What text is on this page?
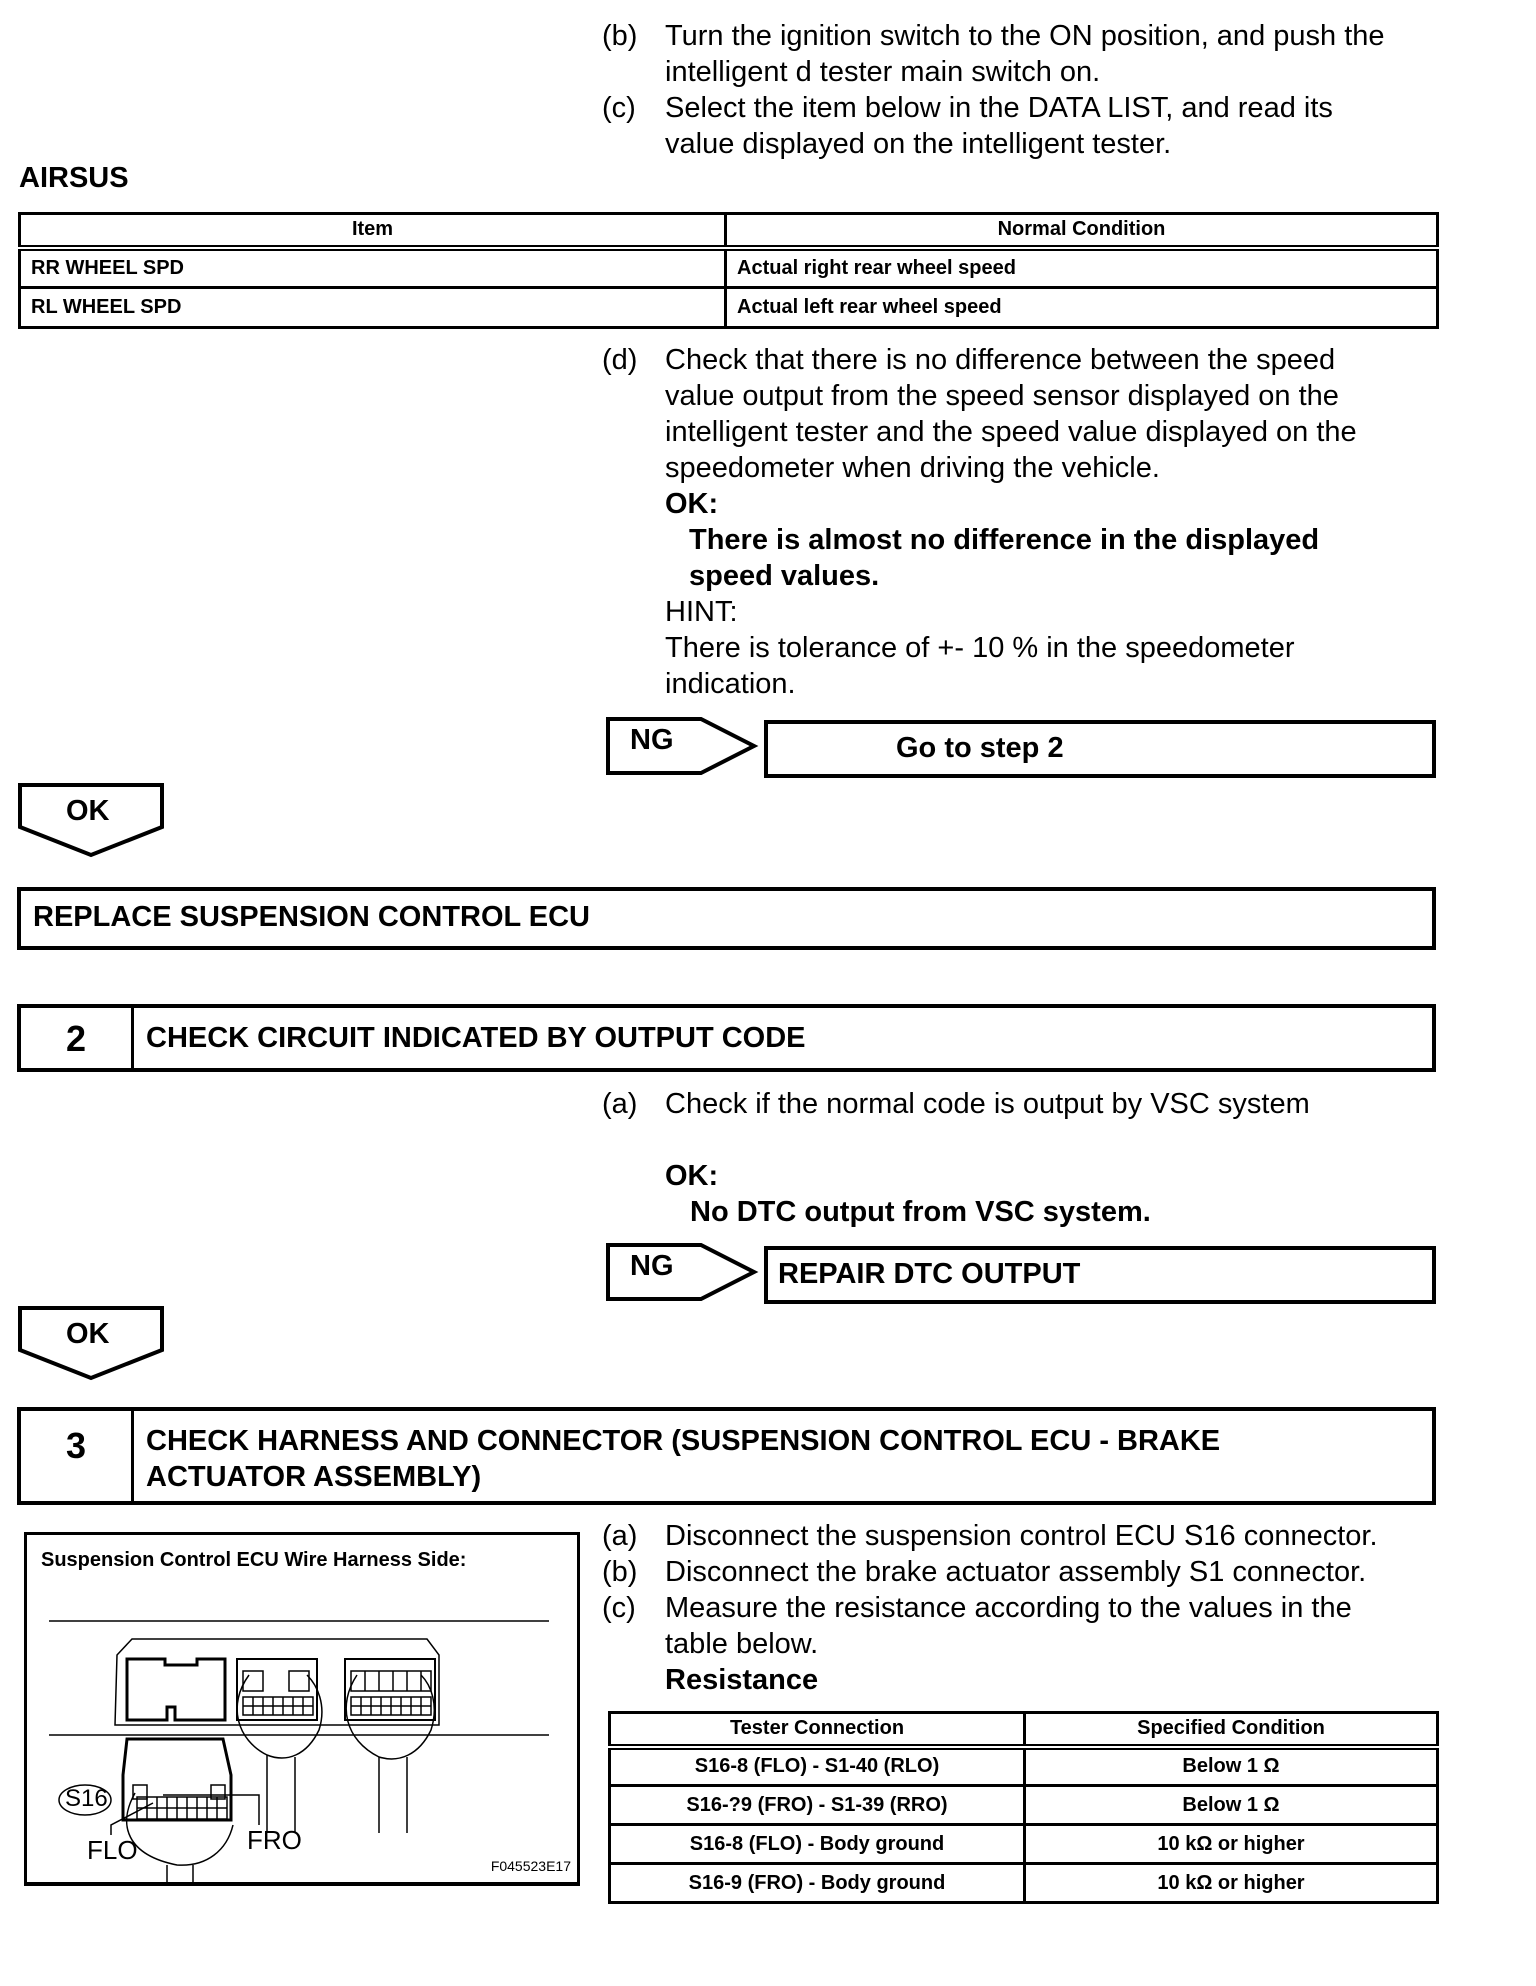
(b) Turn the ignition switch to the ON position, and push the
intelligent d tester main switch on.
(c)	Select the item below in the DATA LIST, and read its
value displayed on the intelligent tester.
AIRSUS
Item	Normal Condition
RR WHEEL SPD	Actual right rear wheel speed
RL WHEEL SPD	Actual left rear wheel speed
(d) Check that there is no difference between the speed
value output from the speed sensor displayed on the
intelligent tester and the speed value displayed on the
speedometer when driving the vehicle.
OK:
There is almost no difference in the displayed
speed values.
HINT:
There is tolerance of +- 10 % in the speedometer
indication.
NG	Go to step 2
OK
REPLACE SUSPENSION CONTROL ECU
2	CHECK CIRCUIT INDICATED BY OUTPUT CODE
(a) Check if the normal code is output by VSC system
OK:
No DTC output from VSC system.
NG	REPAIR DTC OUTPUT
OK
3	CHECK HARNESS AND CONNECTOR (SUSPENSION CONTROL ECU - BRAKE
ACTUATOR ASSEMBLY)
Suspension Control ECU Wire Harness Side:
S16
FLO	FRO
F045523E17
(a) Disconnect the suspension control ECU S16 connector.
(b) Disconnect the brake actuator assembly S1 connector.
(c)	Measure the resistance according to the values in the
table below.
Resistance
Tester Connection	Specified Condition
S16-8 (FLO) - S1-40 (RLO)	Below 1 Ω
S16-?9 (FRO) - S1-39 (RRO)	Below 1 Ω
S16-8 (FLO) - Body ground	10 kΩ or higher
S16-9 (FRO) - Body ground	10 kΩ or higher
